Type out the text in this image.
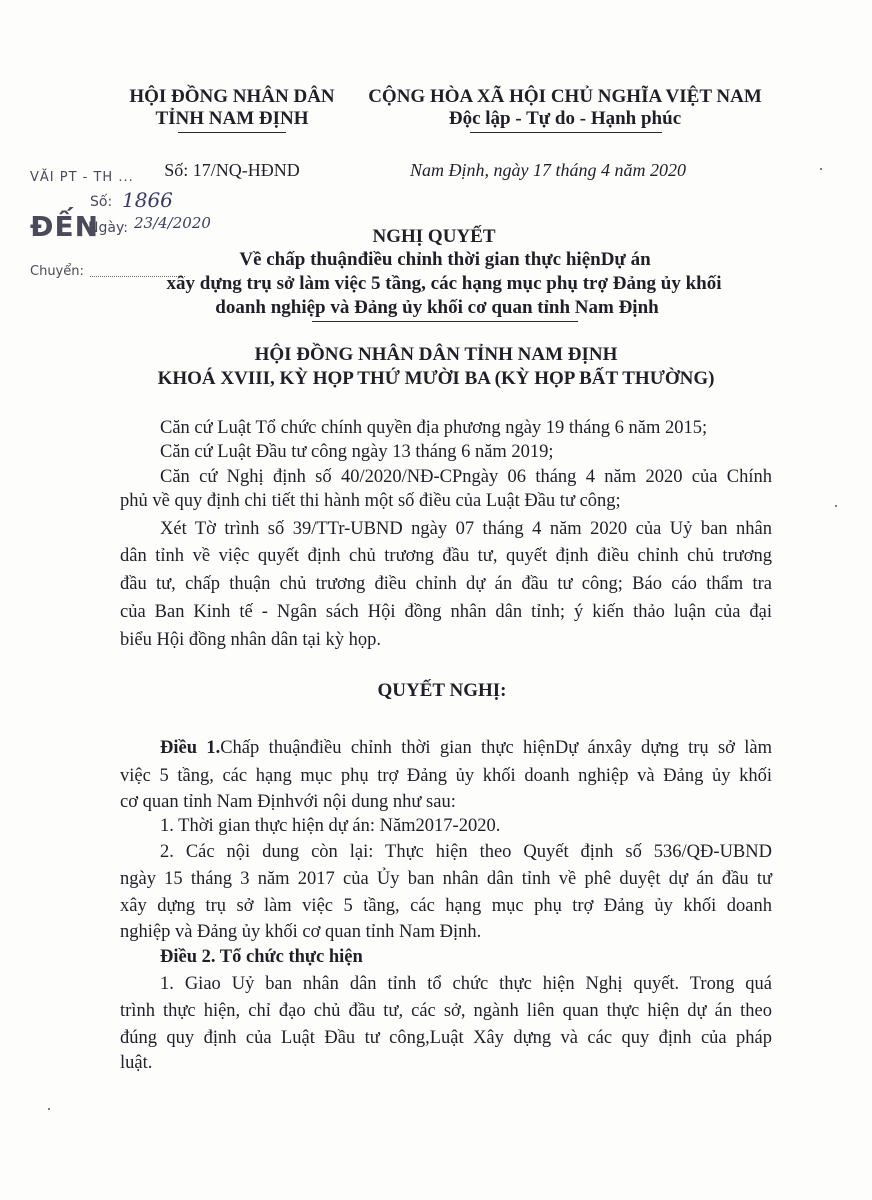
HỘI ĐỒNG NHÂN DÂN
TỈNH NAM ĐỊNH
CỘNG HÒA XÃ HỘI CHỦ NGHĨA VIỆT NAM
Độc lập - Tự do - Hạnh phúc
Số: 17/NQ-HĐND	Nam Định, ngày 17 tháng 4 năm 2020
VĂI PT - TH ...
Số: 1866
ĐẾN
Ngày: 23/4/2020
Chuyển:
NGHỊ QUYẾT
Về chấp thuậnđiều chỉnh thời gian thực hiệnDự án
xây dựng trụ sở làm việc 5 tầng, các hạng mục phụ trợ Đảng ủy khối
doanh nghiệp và Đảng ủy khối cơ quan tỉnh Nam Định
HỘI ĐỒNG NHÂN DÂN TỈNH NAM ĐỊNH
KHOÁ XVIII, KỲ HỌP THỨ MƯỜI BA (KỲ HỌP BẤT THƯỜNG)
Căn cứ Luật Tổ chức chính quyền địa phương ngày 19 tháng 6 năm 2015;
Căn cứ Luật Đầu tư công ngày 13 tháng 6 năm 2019;
Căn cứ Nghị định số 40/2020/NĐ-CPngày 06 tháng 4 năm 2020 của Chính
phủ về quy định chi tiết thi hành một số điều của Luật Đầu tư công;
Xét Tờ trình số 39/TTr-UBND ngày 07 tháng 4 năm 2020 của Uỷ ban nhân
dân tỉnh về việc quyết định chủ trương đầu tư, quyết định điều chỉnh chủ trương
đầu tư, chấp thuận chủ trương điều chỉnh dự án đầu tư công; Báo cáo thẩm tra
của Ban Kinh tế - Ngân sách Hội đồng nhân dân tỉnh; ý kiến thảo luận của đại
biểu Hội đồng nhân dân tại kỳ họp.
QUYẾT NGHỊ:
Điều 1.Chấp thuậnđiều chỉnh thời gian thực hiệnDự ánxây dựng trụ sở làm
việc 5 tầng, các hạng mục phụ trợ Đảng ủy khối doanh nghiệp và Đảng ủy khối
cơ quan tỉnh Nam Địnhvới nội dung như sau:
1. Thời gian thực hiện dự án: Năm2017-2020.
2. Các nội dung còn lại: Thực hiện theo Quyết định số 536/QĐ-UBND
ngày 15 tháng 3 năm 2017 của Ủy ban nhân dân tỉnh về phê duyệt dự án đầu tư
xây dựng trụ sở làm việc 5 tầng, các hạng mục phụ trợ Đảng ủy khối doanh
nghiệp và Đảng ủy khối cơ quan tỉnh Nam Định.
Điều 2. Tổ chức thực hiện
1. Giao Uỷ ban nhân dân tỉnh tổ chức thực hiện Nghị quyết. Trong quá
trình thực hiện, chỉ đạo chủ đầu tư, các sở, ngành liên quan thực hiện dự án theo
đúng quy định của Luật Đầu tư công,Luật Xây dựng và các quy định của pháp
luật.
